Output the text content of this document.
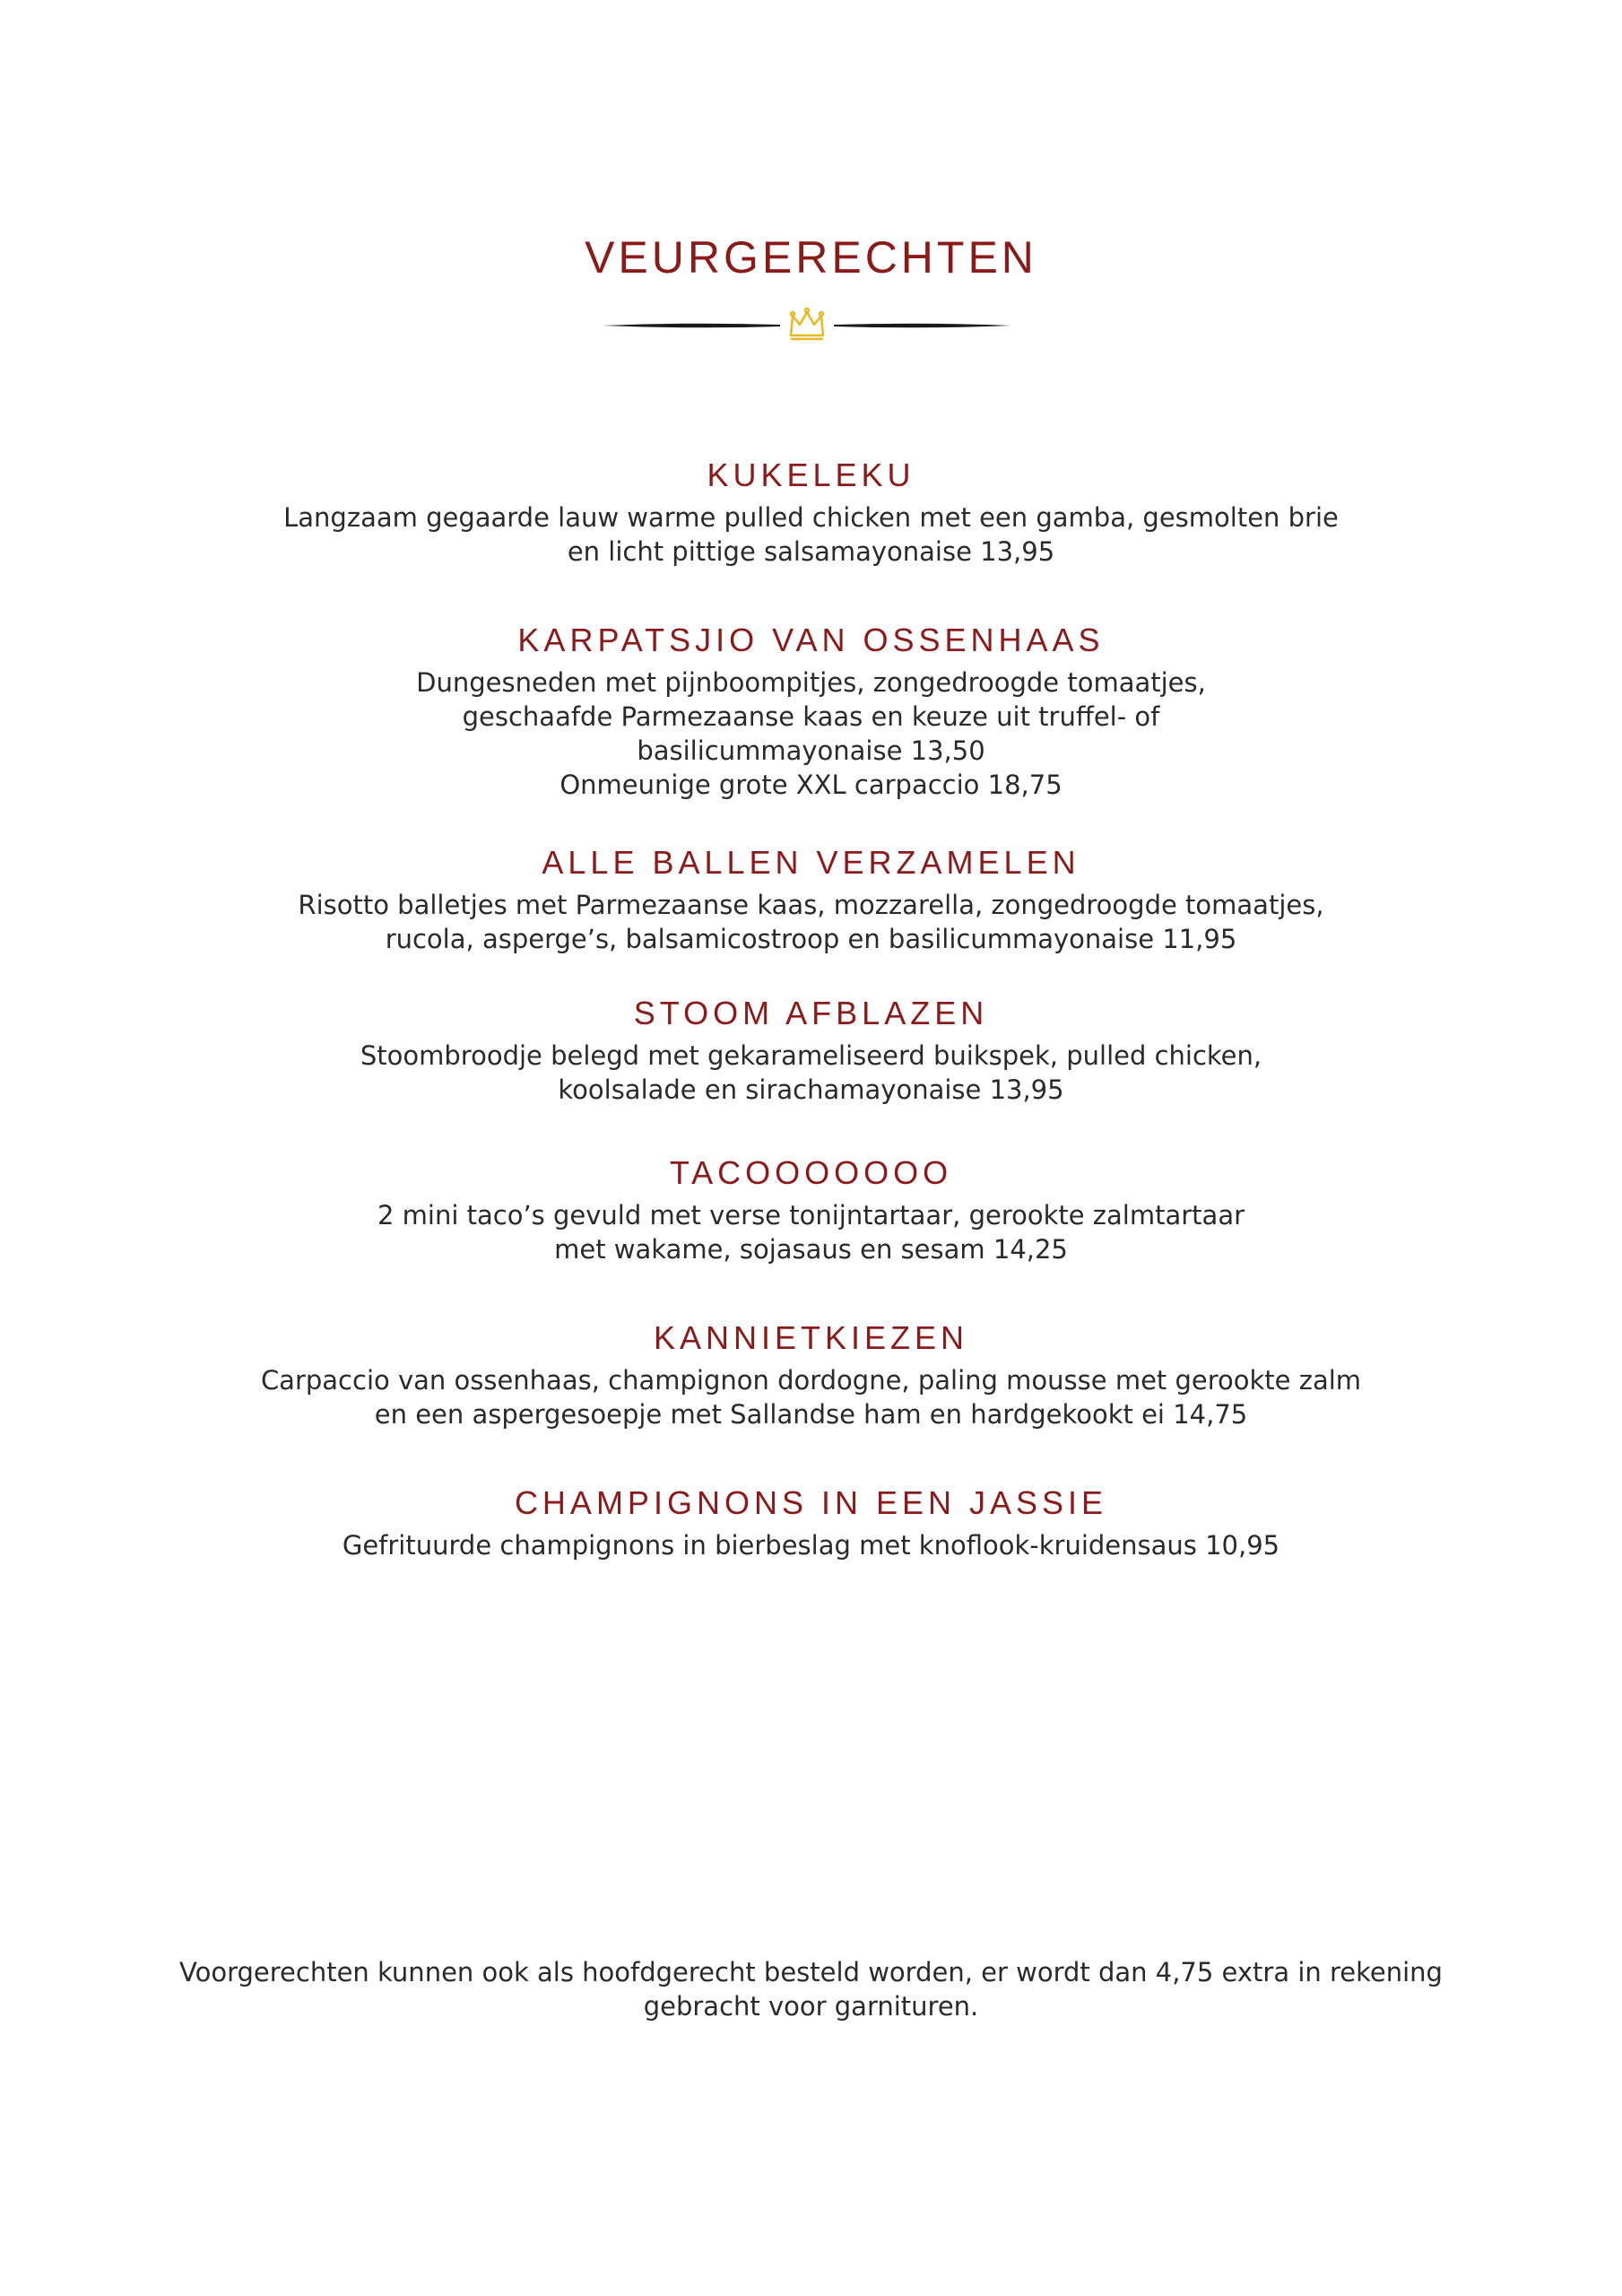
VEURGERECHTEN
KUKELEKU

Langzaam gegaarde lauw warme pulled chicken met een gamba, gesmolten brie

en licht pittige salsamayonaise 13,95

KARPATSJIO VAN OSSENHAAS

Dungesneden met pijnboompitjes, zongedroogde tomaatjes,

geschaafde Parmezaanse kaas en keuze uit truffel- of

basilicummayonaise 13,50

Onmeunige grote XXL carpaccio 18,75

ALLE BALLEN VERZAMELEN

Risotto balletjes met Parmezaanse kaas, mozzarella, zongedroogde tomaatjes,

rucola, asperge’s, balsamicostroop en basilicummayonaise 11,95

STOOM AFBLAZEN

Stoombroodje belegd met gekarameliseerd buikspek, pulled chicken,

koolsalade en sirachamayonaise 13,95

TACOOOOOOO

2 mini taco’s gevuld met verse tonijntartaar, gerookte zalmtartaar

met wakame, sojasaus en sesam 14,25

KANNIETKIEZEN

Carpaccio van ossenhaas, champignon dordogne, paling mousse met gerookte zalm

en een aspergesoepje met Sallandse ham en hardgekookt ei 14,75

CHAMPIGNONS IN EEN JASSIE

Gefrituurde champignons in bierbeslag met knoflook-kruidensaus 10,95

Voorgerechten kunnen ook als hoofdgerecht besteld worden, er wordt dan 4,75 extra in rekening
gebracht voor garnituren.
